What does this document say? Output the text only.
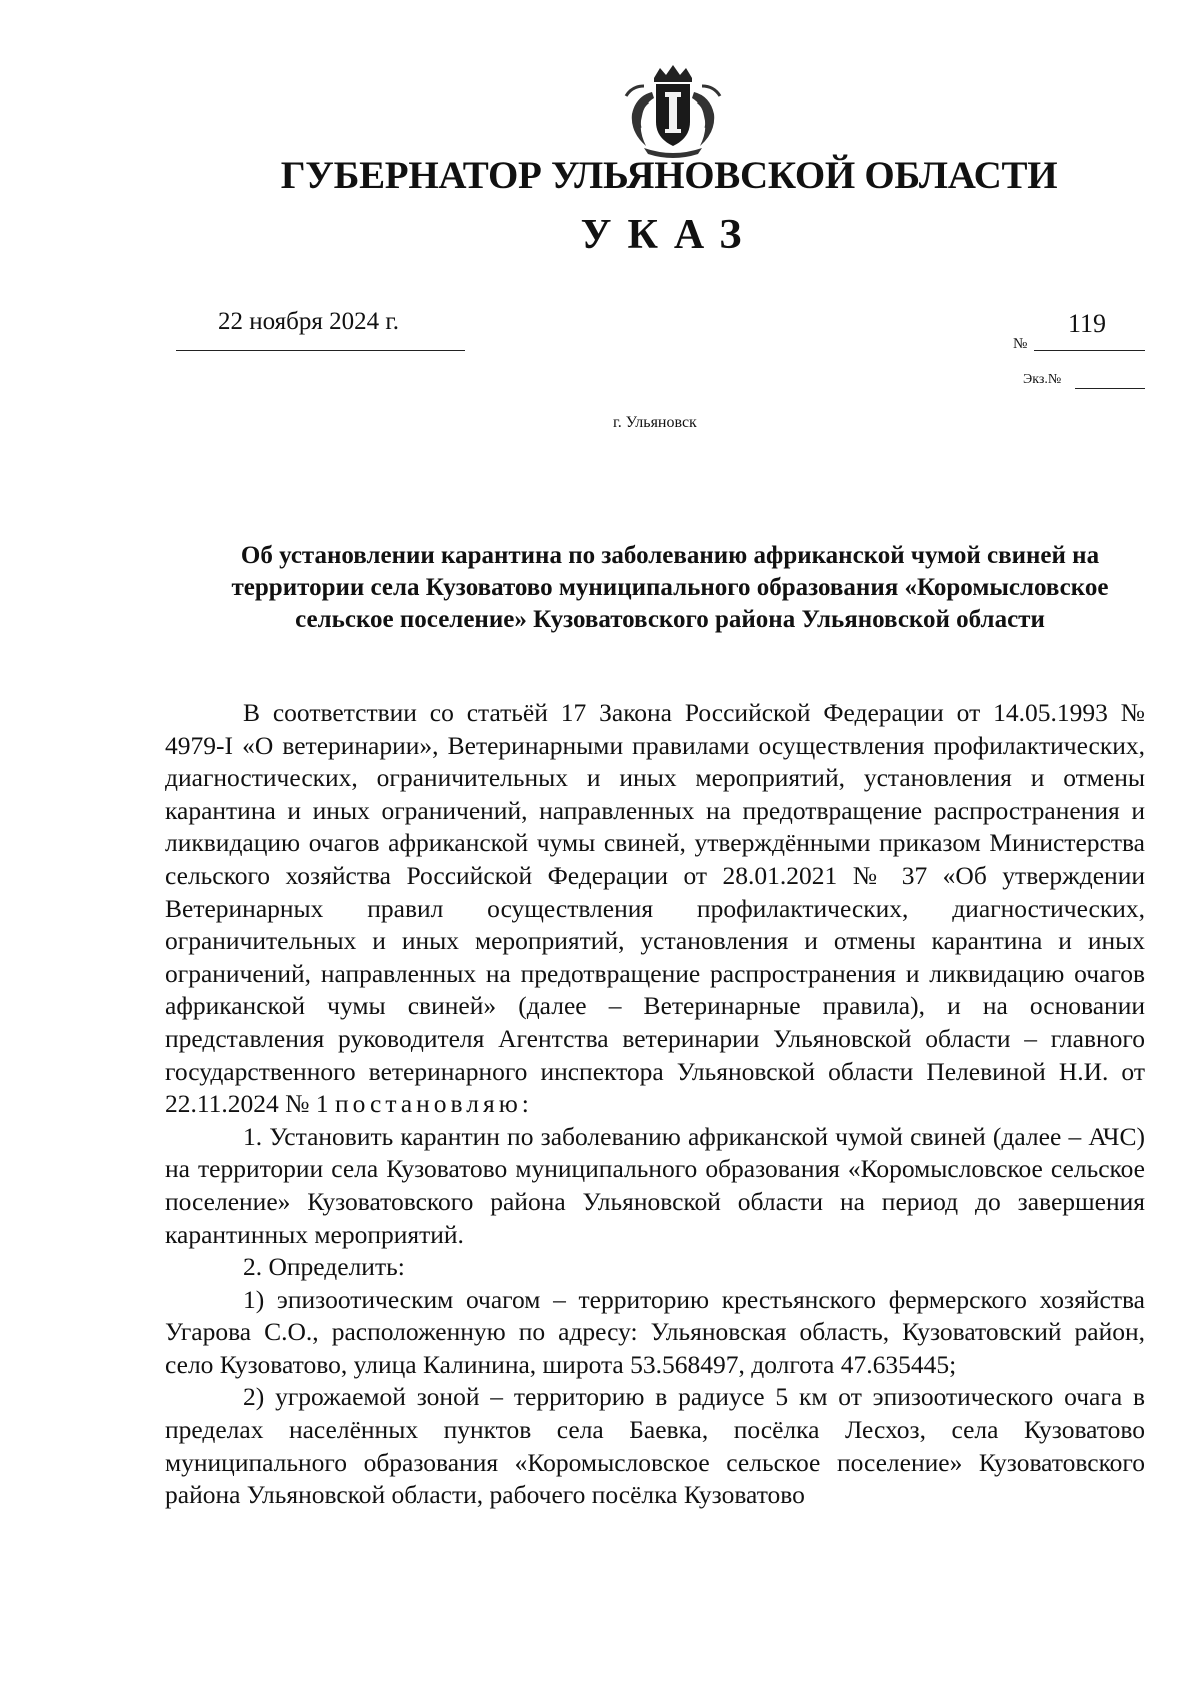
ГУБЕРНАТОР УЛЬЯНОВСКОЙ ОБЛАСТИ
УКАЗ
22 ноября 2024 г.
№
119
Экз.№
г. Ульяновск
Об установлении карантина по заболеванию африканской чумой свиней на территории села Кузоватово муниципального образования «Коромысловское сельское поселение» Кузоватовского района Ульяновской области

В соответствии со статьёй 17 Закона Российской Федерации от 14.05.1993 № 4979-I «О ветеринарии», Ветеринарными правилами осуществления профилактических, диагностических, ограничительных и иных мероприятий, установления и отмены карантина и иных ограничений, направленных на предотвращение распространения и ликвидацию очагов африканской чумы свиней, утверждёнными приказом Министерства сельского хозяйства Российской Федерации от 28.01.2021 № 37 «Об утверждении Ветеринарных правил осуществления профилактических, диагностических, ограничительных и иных мероприятий, установления и отмены карантина и иных ограничений, направленных на предотвращение распространения и ликвидацию очагов африканской чумы свиней» (далее – Ветеринарные правила), и на основании представления руководителя Агентства ветеринарии Ульяновской области – главного государственного ветеринарного инспектора Ульяновской области Пелевиной Н.И. от 22.11.2024 № 1 постановляю:

1. Установить карантин по заболеванию африканской чумой свиней (далее – АЧС) на территории села Кузоватово муниципального образования «Коромысловское сельское поселение» Кузоватовского района Ульяновской области на период до завершения карантинных мероприятий.

2. Определить:

1) эпизоотическим очагом – территорию крестьянского фермерского хозяйства Угарова С.О., расположенную по адресу: Ульяновская область, Кузоватовский район, село Кузоватово, улица Калинина, широта 53.568497, долгота 47.635445;

2) угрожаемой зоной – территорию в радиусе 5 км от эпизоотического очага в пределах населённых пунктов села Баевка, посёлка Лесхоз, села Кузоватово муниципального образования «Коромысловское сельское поселение» Кузоватовского района Ульяновской области, рабочего посёлка Кузоватово
